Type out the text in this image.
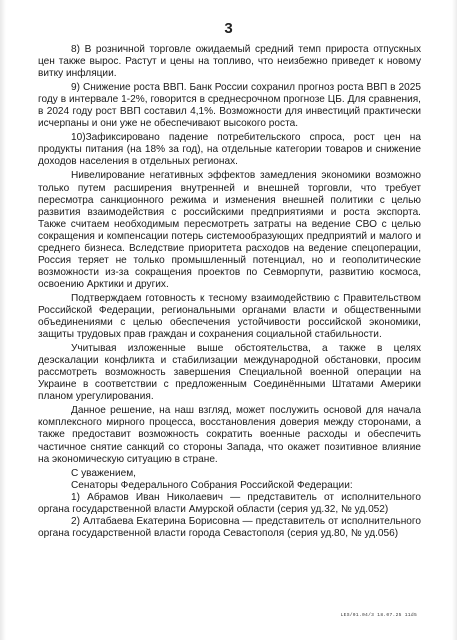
3

8) В розничной торговле ожидаемый средний темп прироста отпускных цен также вырос. Растут и цены на топливо, что неизбежно приведет к новому витку инфляции.

9) Снижение роста ВВП. Банк России сохранил прогноз роста ВВП в 2025 году в интервале 1-2%, говорится в среднесрочном прогнозе ЦБ. Для сравнения, в 2024 году рост ВВП составил 4,1%. Возможности для инвестиций практически исчерпаны и они уже не обеспечивают высокого роста.

10)Зафиксировано падение потребительского спроса, рост цен на продукты питания (на 18% за год), на отдельные категории товаров и снижение доходов населения в отдельных регионах.

Нивелирование негативных эффектов замедления экономики возможно только путем расширения внутренней и внешней торговли, что требует пересмотра санкционного режима и изменения внешней политики с целью развития взаимодействия с российскими предприятиями и роста экспорта. Также считаем необходимым пересмотреть затраты на ведение СВО с целью сокращения и компенсации потерь системообразующих предприятий и малого и среднего бизнеса. Вследствие приоритета расходов на ведение спецоперации, Россия теряет не только промышленный потенциал, но и геополитические возможности из-за сокращения проектов по Севморпути, развитию космоса, освоению Арктики и других.

Подтверждаем готовность к тесному взаимодействию с Правительством Российской Федерации, региональными органами власти и общественными объединениями с целью обеспечения устойчивости российской экономики, защиты трудовых прав граждан и сохранения социальной стабильности.

Учитывая изложенные выше обстоятельства, а также в целях деэскалации конфликта и стабилизации международной обстановки, просим рассмотреть возможность завершения Специальной военной операции на Украине в соответствии с предложенным Соединёнными Штатами Америки планом урегулирования.

Данное решение, на наш взгляд, может послужить основой для начала комплексного мирного процесса, восстановления доверия между сторонами, а также предоставит возможность сократить военные расходы и обеспечить частичное снятие санкций со стороны Запада, что окажет позитивное влияние на экономическую ситуацию в стране.

С уважением,

Сенаторы Федерального Собрания Российской Федерации:

1) Абрамов Иван Николаевич — представитель от исполнительного органа государственной власти Амурской области (серия уд.32, № уд.052)

2) Алтабаева Екатерина Борисовна — представитель от исполнительного органа государственной власти города Севастополя (серия уд.80, № уд.056)

LES/01.04/3 18.07.25 11d5
